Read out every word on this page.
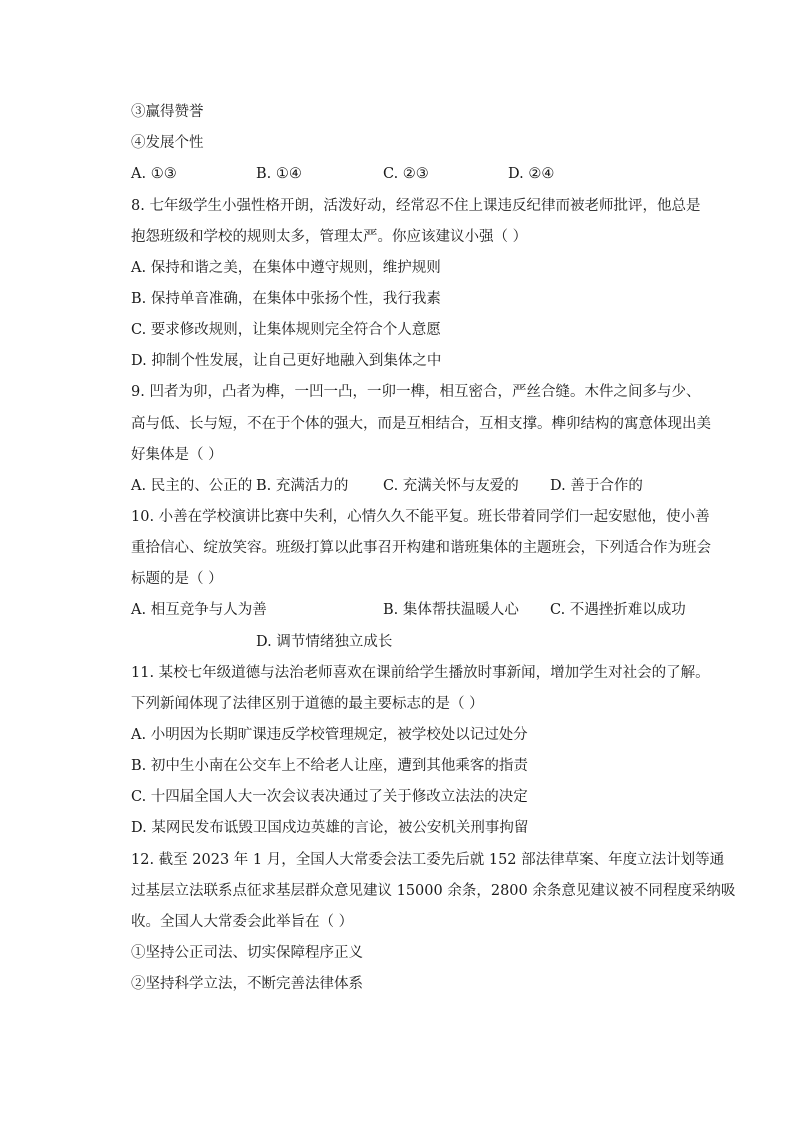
③赢得赞誉
④发展个性
A. ①③	B. ①④	C. ②③	D. ②④
8. 七年级学生小强性格开朗，活泼好动，经常忍不住上课违反纪律而被老师批评，他总是
抱怨班级和学校的规则太多，管理太严。你应该建议小强（ ）
A. 保持和谐之美，在集体中遵守规则，维护规则
B. 保持单音准确，在集体中张扬个性，我行我素
C. 要求修改规则，让集体规则完全符合个人意愿
D. 抑制个性发展，让自己更好地融入到集体之中
9. 凹者为卯，凸者为榫，一凹一凸，一卯一榫，相互密合，严丝合缝。木件之间多与少、
高与低、长与短，不在于个体的强大，而是互相结合，互相支撑。榫卯结构的寓意体现出美
好集体是（ ）
A. 民主的、公正的 B. 充满活力的 C. 充满关怀与友爱的 D. 善于合作的
10. 小善在学校演讲比赛中失利，心情久久不能平复。班长带着同学们一起安慰他，使小善
重拾信心、绽放笑容。班级打算以此事召开构建和谐班集体的主题班会，下列适合作为班会
标题的是（ ）
A. 相互竞争与人为善	B. 集体帮扶温暖人心 C. 不遇挫折难以成功
D. 调节情绪独立成长
11. 某校七年级道德与法治老师喜欢在课前给学生播放时事新闻，增加学生对社会的了解。
下列新闻体现了法律区别于道德的最主要标志的是（ ）
A. 小明因为长期旷课违反学校管理规定，被学校处以记过处分
B. 初中生小南在公交车上不给老人让座，遭到其他乘客的指责
C. 十四届全国人大一次会议表决通过了关于修改立法法的决定
D. 某网民发布诋毁卫国戍边英雄的言论，被公安机关刑事拘留
12. 截至 2023 年 1 月，全国人大常委会法工委先后就 152 部法律草案、年度立法计划等通
过基层立法联系点征求基层群众意见建议 15000 余条，2800 余条意见建议被不同程度采纳吸
收。全国人大常委会此举旨在（ ）
①坚持公正司法、切实保障程序正义
②坚持科学立法，不断完善法律体系
